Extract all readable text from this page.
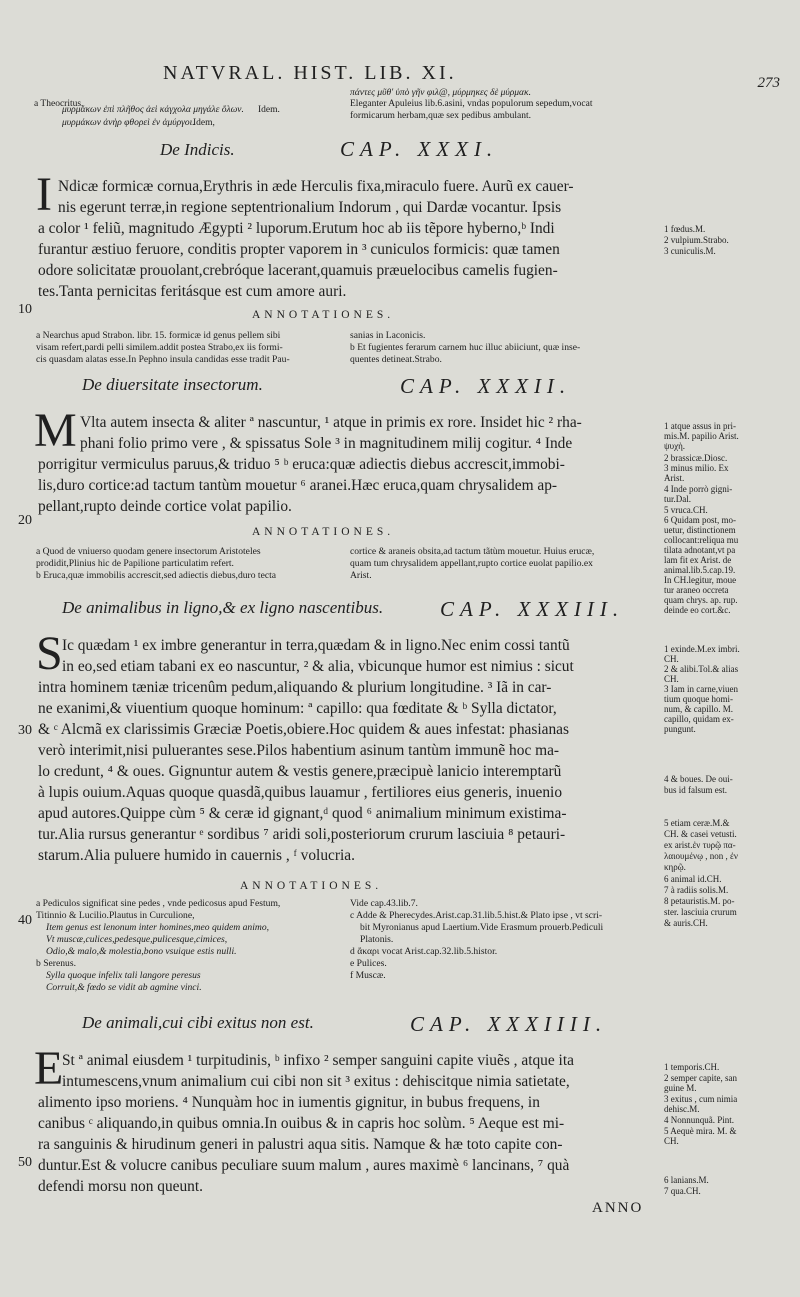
NATVRAL. HIST. LIB. XI.	273
a Theocritus,
μυρμάκων ἐπὶ πλῆθος ἀεὶ κάγχολα μηγάλε ὄλων.
μυρμάκων ἀνὴρ φθορεὶ ἐν ἀμύργοι.
Idem.
Idem,
πάντες μῦθ' ὑπὸ γῆν φιλ@, μύρμηκες δὲ μύρμακ.
Eleganter Apuleius lib.6.asini, vndas populorum sepedum,vocat
formicarum herbam,quæ sex pedibus ambulant.
De Indicis.	CAP. XXXI.
I Ndicæ formicæ cornua,Erythris in æde Herculis fixa,miraculo fuere. Aurũ ex cauer-
nis egerunt terræ,in regione septentrionalium Indorum , qui Dardæ vocantur. Ipsis
a color ¹ feliũ, magnitudo Ægypti ² luporum.Erutum hoc ab iis tẽpore hyberno,ᵇ Indi
furantur æstiuo feruore, conditis propter vaporem in ³ cuniculos formicis: quæ tamen
odore solicitatæ prouolant,crebróque lacerant,quamuis præuelocibus camelis fugien-
tes.Tanta pernicitas feritásque est cum amore auri.
10
1 fœdus.M.
2 vulpium.Strabo.
3 cuniculis.M.
ANNOTATIONES.
a Nearchus apud Strabon. libr. 15. formicæ id genus pellem sibi
visam refert,pardi pelli similem.addit postea Strabo,ex iis formi-
cis quasdam alatas esse.In Pephno insula candidas esse tradit Pau-
sanias in Laconicis.
b Et fugientes ferarum carnem huc illuc abiiciunt, quæ inse-
quentes detineat.Strabo.
De diuersitate insectorum.	CAP. XXXII.
M Vlta autem insecta & aliter ª nascuntur, ¹ atque in primis ex rore. Insidet hic ² rha-
phani folio primo vere , & spissatus Sole ³ in magnitudinem milij cogitur. ⁴ Inde
porrigitur vermiculus paruus,& triduo ⁵ ᵇ eruca:quæ adiectis diebus accrescit,immobi-
lis,duro cortice:ad tactum tantùm mouetur ⁶ aranei.Hæc eruca,quam chrysalidem ap-
pellant,rupto deinde cortice volat papilio.
20
1 atque assus in pri-
mis.M. papilio Arist.
ψυχὴ.
2 brassicæ.Diosc.
3 minus milio. Ex
Arist.
4 Inde porrò gigni-
tur.Dal.
5 vruca.CH.
6 Quidam post, mo-
uetur, distinctionem
collocant:reliqua mu
tilata adnotant,vt pa
lam fit ex Arist. de
animal.lib.5.cap.19.
In CH.legitur, moue
tur araneo occreta
quam chrys. ap. rup.
deinde eo cort.&c.
ANNOTATIONES.
a Quod de vniuerso quodam genere insectorum Aristoteles
prodidit,Plinius hic de Papilione particulatim refert.
b Eruca,quæ immobilis accrescit,sed adiectis diebus,duro tecta
cortice & araneis obsita,ad tactum tãtùm mouetur. Huius erucæ,
quam tum chrysalidem appellant,rupto cortice euolat papilio.ex
Arist.
De animalibus in ligno,& ex ligno nascentibus.	CAP. XXXIII.
S Ic quædam ¹ ex imbre generantur in terra,quædam & in ligno.Nec enim cossi tantũ
in eo,sed etiam tabani ex eo nascuntur, ² & alia, vbicunque humor est nimius : sicut
intra hominem tæniæ tricenûm pedum,aliquando & plurium longitudine. ³ Iã in car-
ne exanimi,& viuentium quoque hominum: ª capillo: qua fœditate & ᵇ Sylla dictator,
& ᶜ Alcmã ex clarissimis Græciæ Poetis,obiere.Hoc quidem & aues infestat: phasianas
verò interimit,nisi puluerantes sese.Pilos habentium asinum tantùm immunẽ hoc ma-
lo credunt, ⁴ & oues. Gignuntur autem & vestis genere,præcipuè lanicio interemptarũ
à lupis ouium.Aquas quoque quasdã,quibus lauamur , fertiliores eius generis, inuenio
apud autores.Quippe cùm ⁵ & ceræ id gignant,ᵈ quod ⁶ animalium minimum existima-
tur.Alia rursus generantur ᵉ sordibus ⁷ aridi soli,posteriorum crurum lasciuia ⁸ petauri-
starum.Alia puluere humido in cauernis , ᶠ volucria.
30
40
1 exinde.M.ex imbri.
CH.
2 & alibi.Tol.& alias
CH.
3 Iam in carne,viuen
tium quoque homi-
num, & capillo. M.
capillo, quidam ex-
pungunt.
4 & boues. De oui-
bus id falsum est.
5 etiam ceræ.M.&
CH. & casei vetusti.
ex arist.ἐν τυρῷ πα-
λαιουμένῳ , non , ἐν
κηρῷ.
6 animal id.CH.
7 à radiis solis.M.
8 petauristis.M. po-
ster. lasciuia crurum
& auris.CH.
ANNOTATIONES.
a Pediculos significat sine pedes , vnde pedicosus apud Festum,
Titinnio & Lucilio.Plautus in Curculione,
Item genus est lenonum inter homines,meo quidem animo,
Vt muscæ,culices,pedesque,pulicesque,cimices,
Odio,& malo,& molestia,bono vsuique estis nulli.
b Serenus.
Sylla quoque infelix tali langore peresus
Corruit,& fœdo se vidit ab agmine vinci.
Vide cap.43.lib.7.
c Adde & Pherecydes.Arist.cap.31.lib.5.hist.& Plato ipse , vt scri-
bit Myronianus apud Laertium.Vide Erasmum prouerb.Pediculi
Platonis.
d ἄκαρι vocat Arist.cap.32.lib.5.histor.
e Pulices.
f Muscæ.
De animali,cui cibi exitus non est.	CAP. XXXIIII.
E
St ª animal eiusdem ¹ turpitudinis, ᵇ infixo ² semper sanguini capite viuẽs , atque ita
intumescens,vnum animalium cui cibi non sit ³ exitus : dehiscitque nimia satietate,
alimento ipso moriens. ⁴ Nunquàm hoc in iumentis gignitur, in bubus frequens, in
canibus ᶜ aliquando,in quibus omnia.In ouibus & in capris hoc solùm. ⁵ Aeque est mi-
ra sanguinis & hirudinum generi in palustri aqua sitis. Namque & hæ toto capite con-
duntur.Est & volucre canibus peculiare suum malum , aures maximè ⁶ lancinans, ⁷ quà
defendi morsu non queunt.
50
1 temporis.CH.
2 semper capite, san
guine M.
3 exitus , cum nimia
dehisc.M.
4 Nonnunquã. Pint.
5 Aequè mira. M. &
CH.
6 lanians.M.
7 qua.CH.
ANNO
